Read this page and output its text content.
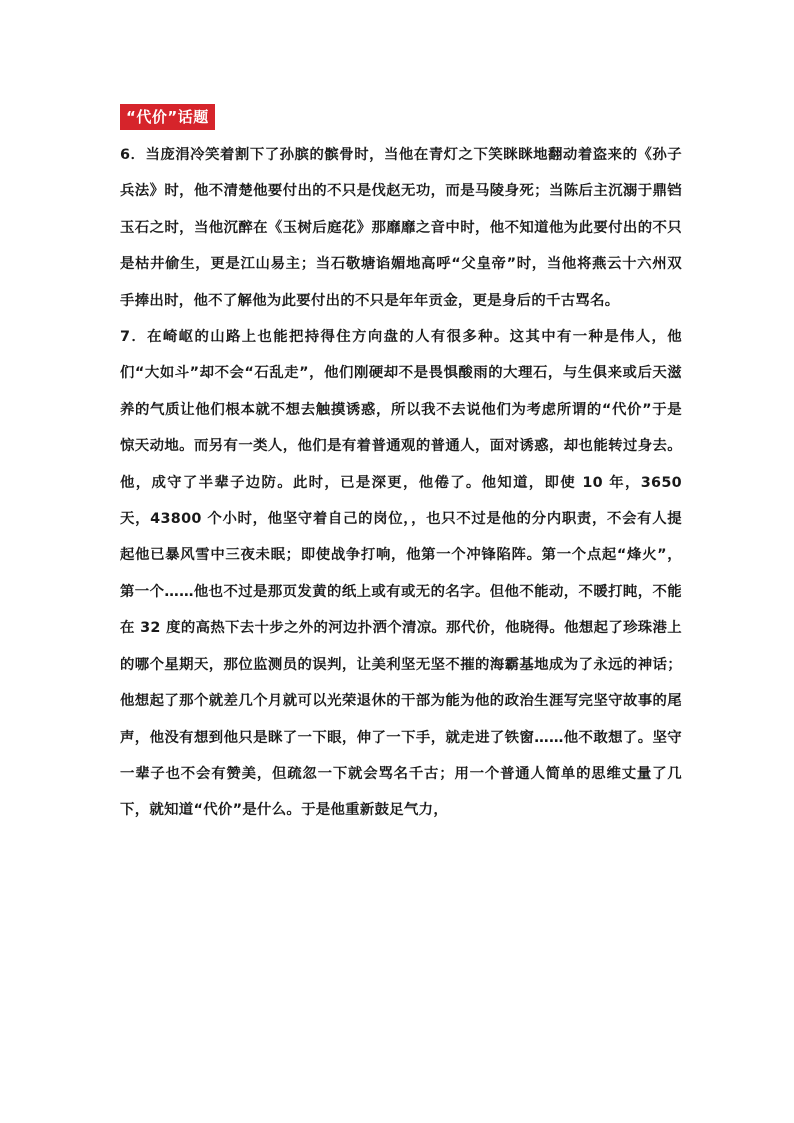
“代价”话题

6．当庞涓冷笑着割下了孙膑的髌骨时，当他在青灯之下笑眯眯地翻动着盗来的《孙子兵法》时，他不清楚他要付出的不只是伐赵无功，而是马陵身死；当陈后主沉溺于鼎铛玉石之时，当他沉醉在《玉树后庭花》那靡靡之音中时，他不知道他为此要付出的不只是枯井偷生，更是江山易主；当石敬塘谄媚地高呼“父皇帝”时，当他将燕云十六州双手捧出时，他不了解他为此要付出的不只是年年贡金，更是身后的千古骂名。

7．在崎岖的山路上也能把持得住方向盘的人有很多种。这其中有一种是伟人，他们“大如斗”却不会“石乱走”，他们刚硬却不是畏惧酸雨的大理石，与生俱来或后天滋养的气质让他们根本就不想去触摸诱惑，所以我不去说他们为考虑所谓的“代价”于是惊天动地。而另有一类人，他们是有着普通观的普通人，面对诱惑，却也能转过身去。他，成守了半辈子边防。此时，已是深更，他倦了。他知道，即使 10 年，3650 天，43800 个小时，他坚守着自己的岗位，，也只不过是他的分内职责，不会有人提起他已暴风雪中三夜未眠；即使战争打响，他第一个冲锋陷阵。第一个点起“烽火”，第一个……他也不过是那页发黄的纸上或有或无的名字。但他不能动，不暖打盹，不能在 32 度的高热下去十步之外的河边扑洒个清凉。那代价，他晓得。他想起了珍珠港上的哪个星期天，那位监测员的误判，让美利坚无坚不摧的海霸基地成为了永远的神话；他想起了那个就差几个月就可以光荣退休的干部为能为他的政治生涯写完坚守故事的尾声，他没有想到他只是眯了一下眼，伸了一下手，就走进了铁窗……他不敢想了。坚守一辈子也不会有赞美，但疏忽一下就会骂名千古；用一个普通人简单的思维丈量了几下，就知道“代价”是什么。于是他重新鼓足气力，
